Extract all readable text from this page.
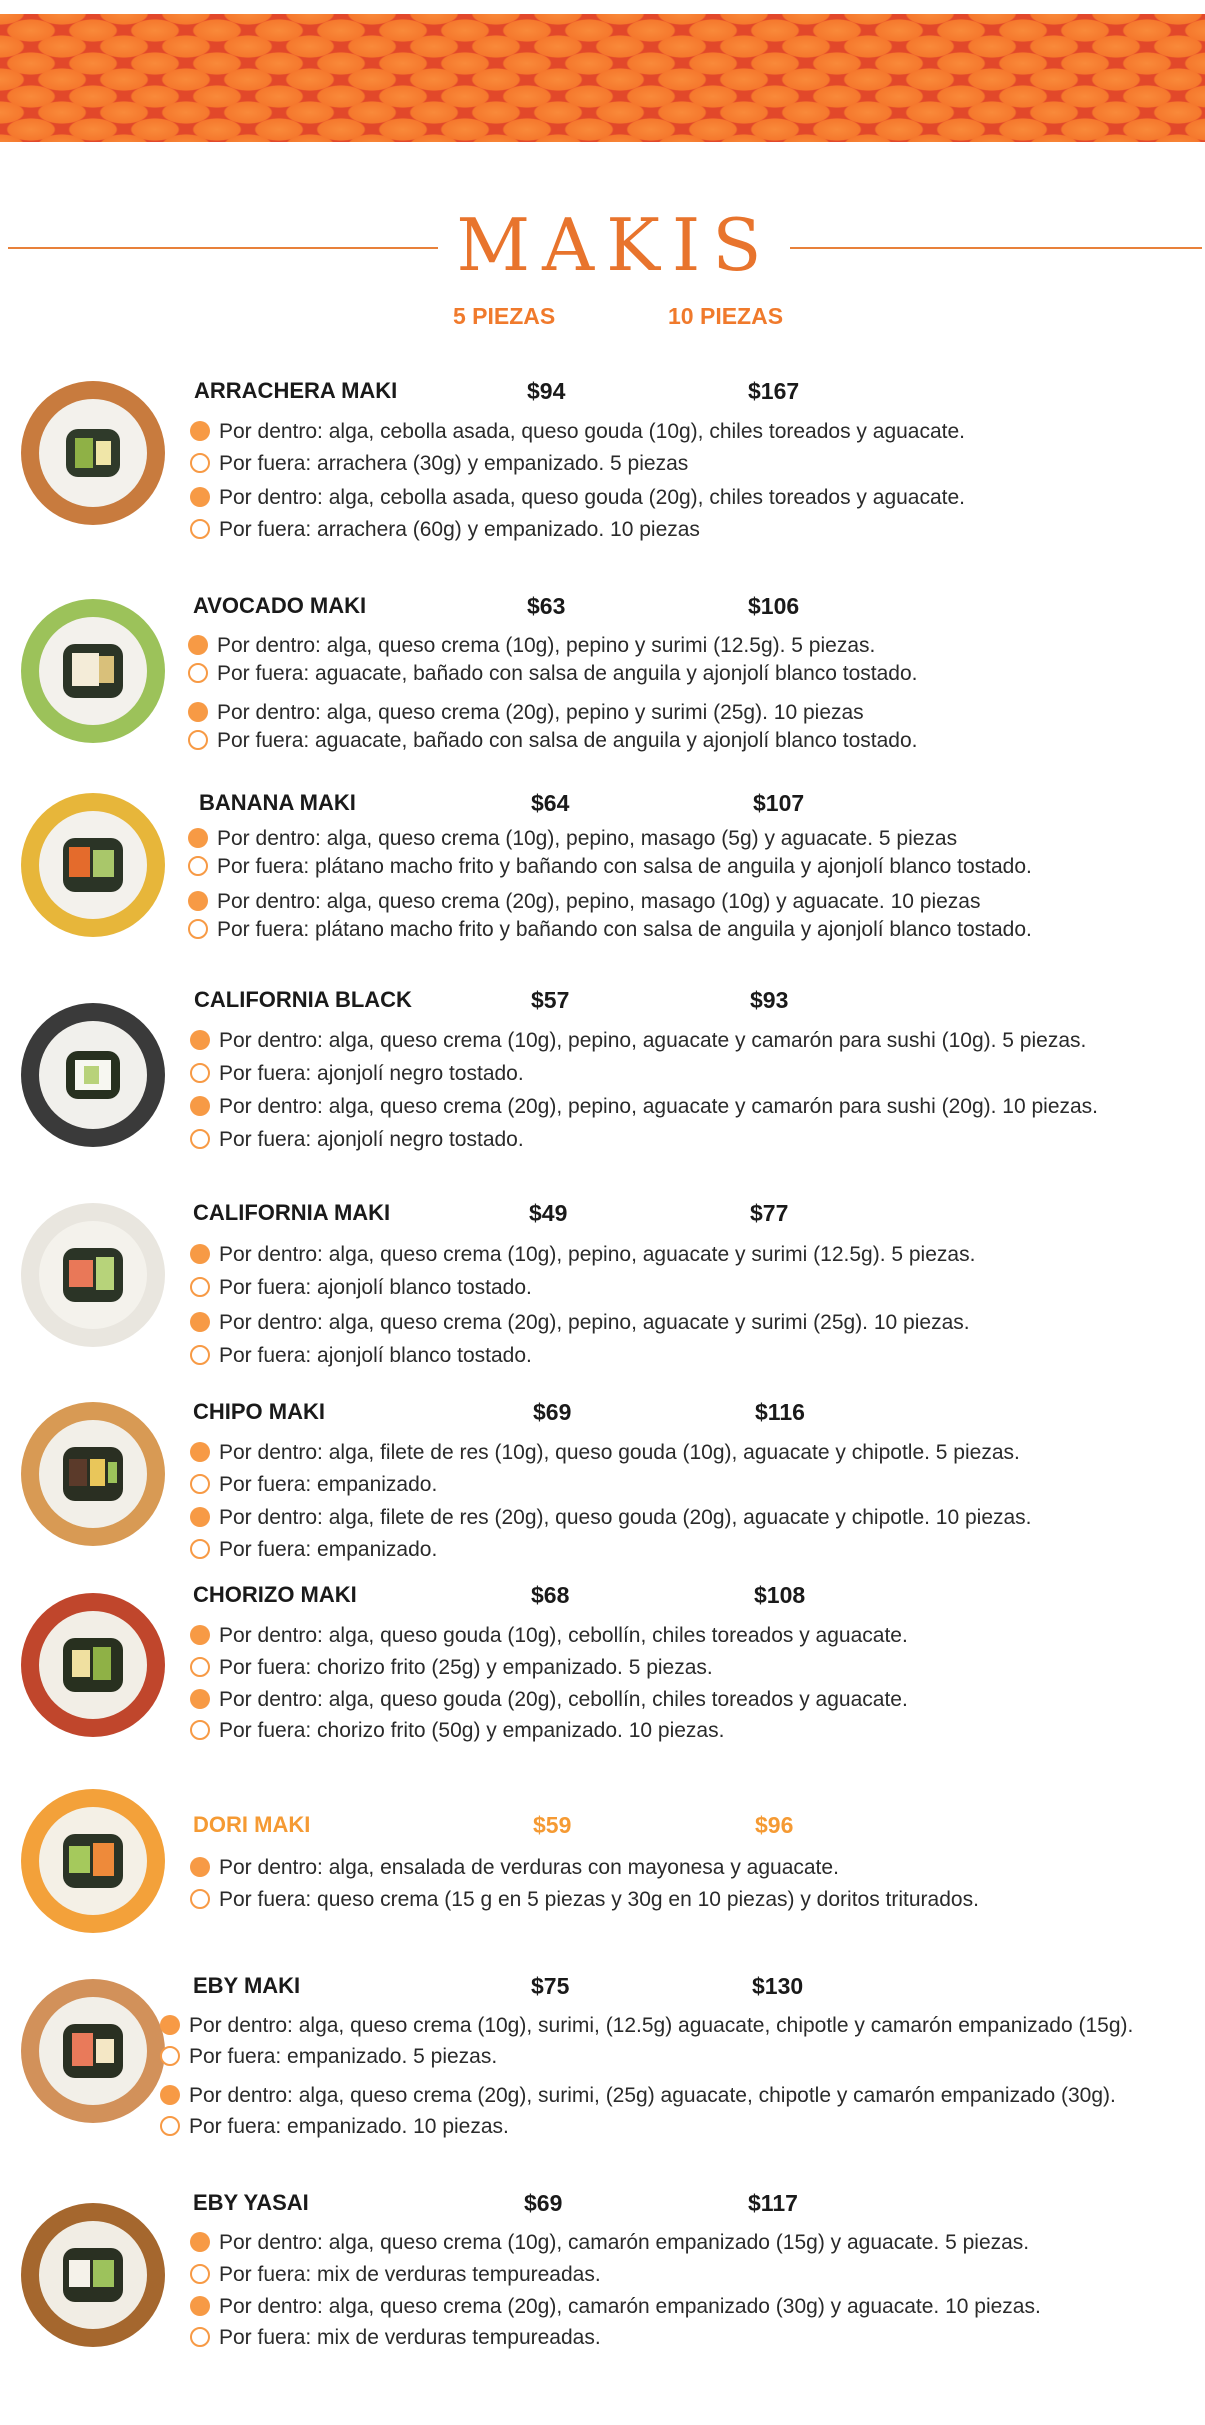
MAKIS
5 PIEZAS	10 PIEZAS
ARRACHERA MAKI	$94	$167
Por dentro: alga, cebolla asada, queso gouda (10g), chiles toreados y aguacate.
Por fuera: arrachera (30g) y empanizado. 5 piezas
Por dentro: alga, cebolla asada, queso gouda (20g), chiles toreados y aguacate.
Por fuera: arrachera (60g) y empanizado. 10 piezas
AVOCADO MAKI	$63	$106
Por dentro: alga, queso crema (10g), pepino y surimi (12.5g). 5 piezas.
Por fuera: aguacate, bañado con salsa de anguila y ajonjolí blanco tostado.
Por dentro: alga, queso crema (20g), pepino y surimi (25g). 10 piezas
Por fuera: aguacate, bañado con salsa de anguila y ajonjolí blanco tostado.
BANANA MAKI	$64	$107
Por dentro: alga, queso crema (10g), pepino, masago (5g) y aguacate. 5 piezas
Por fuera: plátano macho frito y bañando con salsa de anguila y ajonjolí blanco tostado.
Por dentro: alga, queso crema (20g), pepino, masago (10g) y aguacate. 10 piezas
Por fuera: plátano macho frito y bañando con salsa de anguila y ajonjolí blanco tostado.
CALIFORNIA BLACK	$57	$93
Por dentro: alga, queso crema (10g), pepino, aguacate y camarón para sushi (10g). 5 piezas.
Por fuera: ajonjolí negro tostado.
Por dentro: alga, queso crema (20g), pepino, aguacate y camarón para sushi (20g). 10 piezas.
Por fuera: ajonjolí negro tostado.
CALIFORNIA MAKI	$49	$77
Por dentro: alga, queso crema (10g), pepino, aguacate y surimi (12.5g). 5 piezas.
Por fuera: ajonjolí blanco tostado.
Por dentro: alga, queso crema (20g), pepino, aguacate y surimi (25g). 10 piezas.
Por fuera: ajonjolí blanco tostado.
CHIPO MAKI	$69	$116
Por dentro: alga, filete de res (10g), queso gouda (10g), aguacate y chipotle. 5 piezas.
Por fuera: empanizado.
Por dentro: alga, filete de res (20g), queso gouda (20g), aguacate y chipotle. 10 piezas.
Por fuera: empanizado.
CHORIZO MAKI	$68	$108
Por dentro: alga, queso gouda (10g), cebollín, chiles toreados y aguacate.
Por fuera: chorizo frito (25g) y empanizado. 5 piezas.
Por dentro: alga, queso gouda (20g), cebollín, chiles toreados y aguacate.
Por fuera: chorizo frito (50g) y empanizado. 10 piezas.
DORI MAKI	$59	$96
Por dentro: alga, ensalada de verduras con mayonesa y aguacate.
Por fuera: queso crema (15 g en 5 piezas y 30g en 10 piezas) y doritos triturados.
EBY MAKI	$75	$130
Por dentro: alga, queso crema (10g), surimi, (12.5g) aguacate, chipotle y camarón empanizado (15g).
Por fuera: empanizado. 5 piezas.
Por dentro: alga, queso crema (20g), surimi, (25g) aguacate, chipotle y camarón empanizado (30g).
Por fuera: empanizado. 10 piezas.
EBY YASAI	$69	$117
Por dentro: alga, queso crema (10g), camarón empanizado (15g) y aguacate. 5 piezas.
Por fuera: mix de verduras tempureadas.
Por dentro: alga, queso crema (20g), camarón empanizado (30g) y aguacate. 10 piezas.
Por fuera: mix de verduras tempureadas.
